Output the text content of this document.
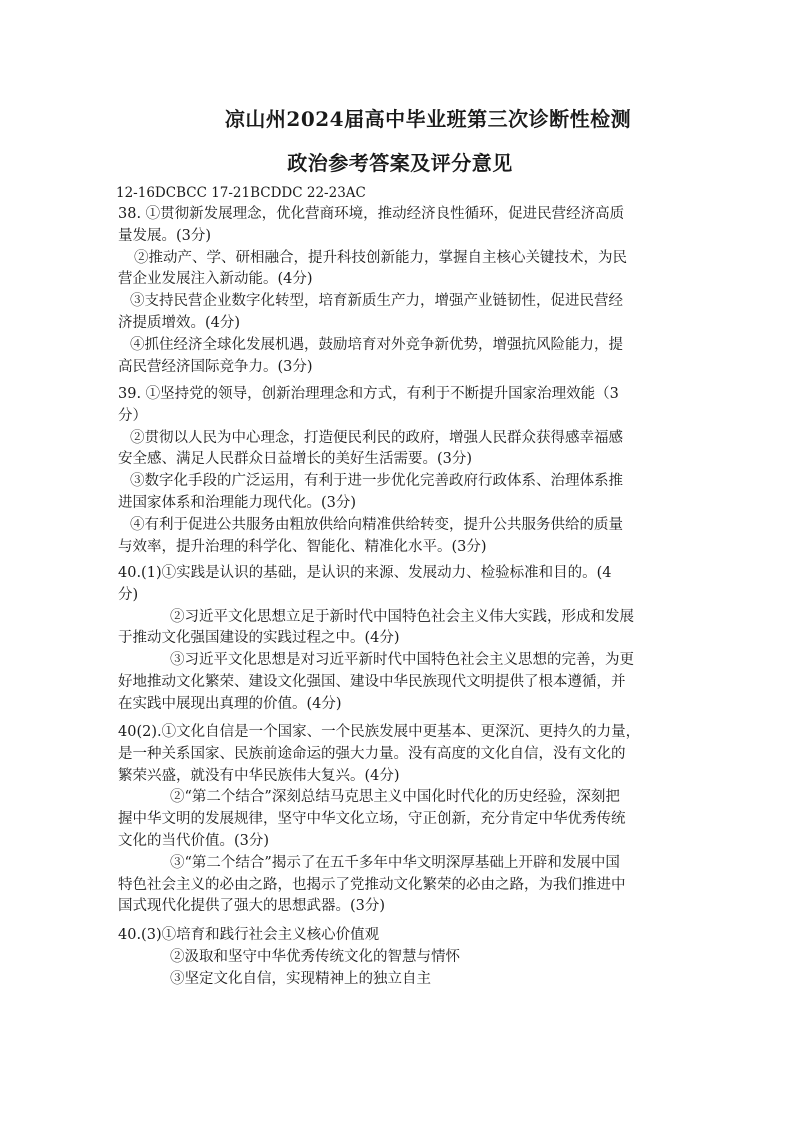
凉山州2024届高中毕业班第三次诊断性检测
政治参考答案及评分意见
12-16DCBCC 17-21BCDDC 22-23AC

38. ①贯彻新发展理念，优化营商环境，推动经济良性循环，促进民营经济高质

量发展。(3分)

②推动产、学、研相融合，提升科技创新能力，掌握自主核心关键技术，为民

营企业发展注入新动能。(4分)

③支持民营企业数字化转型，培育新质生产力，增强产业链韧性，促进民营经

济提质增效。(4分)

④抓住经济全球化发展机遇，鼓励培育对外竞争新优势，增强抗风险能力，提

高民营经济国际竞争力。(3分)

39. ①坚持党的领导，创新治理理念和方式，有利于不断提升国家治理效能（3

分）

②贯彻以人民为中心理念，打造便民利民的政府，增强人民群众获得感幸福感

安全感、满足人民群众日益增长的美好生活需要。(3分)

③数字化手段的广泛运用，有利于进一步优化完善政府行政体系、治理体系推

进国家体系和治理能力现代化。(3分)

④有利于促进公共服务由粗放供给向精准供给转变，提升公共服务供给的质量

与效率，提升治理的科学化、智能化、精准化水平。(3分)

40.(1)①实践是认识的基础，是认识的来源、发展动力、检验标准和目的。(4

分)

②习近平文化思想立足于新时代中国特色社会主义伟大实践，形成和发展

于推动文化强国建设的实践过程之中。(4分)

③习近平文化思想是对习近平新时代中国特色社会主义思想的完善，为更

好地推动文化繁荣、建设文化强国、建设中华民族现代文明提供了根本遵循，并

在实践中展现出真理的价值。(4分)

40(2).①文化自信是一个国家、一个民族发展中更基本、更深沉、更持久的力量，

是一种关系国家、民族前途命运的强大力量。没有高度的文化自信，没有文化的

繁荣兴盛，就没有中华民族伟大复兴。(4分)

②“第二个结合”深刻总结马克思主义中国化时代化的历史经验，深刻把

握中华文明的发展规律，坚守中华文化立场，守正创新，充分肯定中华优秀传统

文化的当代价值。(3分)

③“第二个结合”揭示了在五千多年中华文明深厚基础上开辟和发展中国

特色社会主义的必由之路，也揭示了党推动文化繁荣的必由之路，为我们推进中

国式现代化提供了强大的思想武器。(3分)

40.(3)①培育和践行社会主义核心价值观

②汲取和坚守中华优秀传统文化的智慧与情怀

③坚定文化自信，实现精神上的独立自主
